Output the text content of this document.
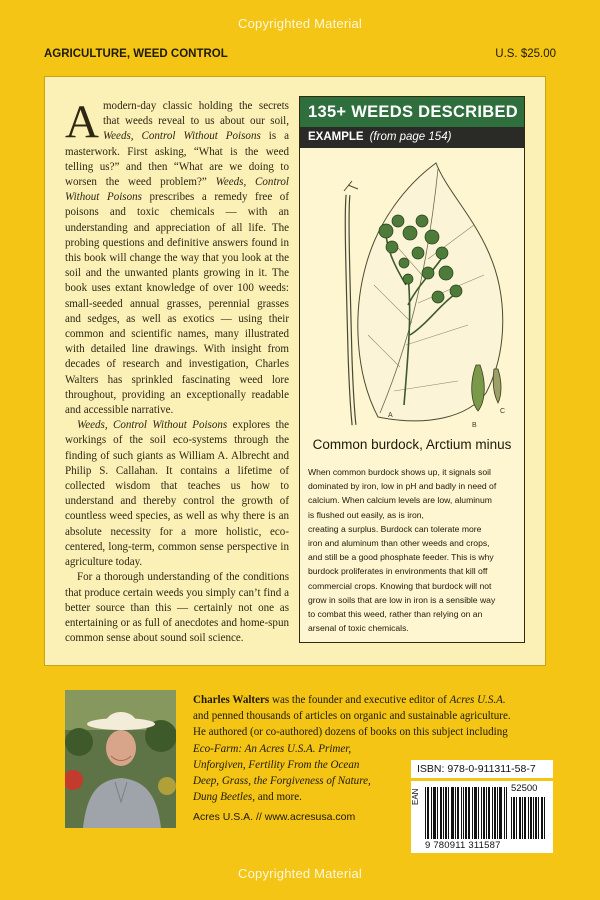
Copyrighted Material
AGRICULTURE, WEED CONTROL	U.S. $25.00

Amodern-day classic holding the secrets that weeds reveal to us about our soil, Weeds, Control Without Poisons is a masterwork. First asking, “What is the weed telling us?” and then “What are we doing to worsen the weed problem?” Weeds, Control Without Poisons prescribes a remedy free of poisons and toxic chemicals — with an understanding and appreciation of all life. The probing questions and definitive answers found in this book will change the way that you look at the soil and the unwanted plants growing in it. The book uses extant knowledge of over 100 weeds: small-seeded annual grasses, perennial grasses and sedges, as well as exotics — using their common and scientific names, many illustrated with detailed line drawings. With insight from decades of research and investigation, Charles Walters has sprinkled fascinating weed lore throughout, providing an exceptionally readable and accessible narrative.

Weeds, Control Without Poisons explores the workings of the soil eco-systems through the finding of such giants as William A. Albrecht and Philip S. Callahan. It contains a lifetime of collected wisdom that teaches us how to understand and thereby control the growth of countless weed species, as well as why there is an absolute necessity for a more holistic, eco-centered, long-term, common sense perspective in agriculture today.

For a thorough understanding of the conditions that produce certain weeds you simply can’t find a better source than this — certainly not one as entertaining or as full of anecdotes and home-spun common sense about sound soil science.

135+ WEEDS DESCRIBED
EXAMPLE (from page 154)
A
B
C
Common burdock, Arctium minus
When common burdock shows up, it signals soil
dominated by iron, low in pH and badly in need of
calcium. When calcium levels are low, aluminum
is flushed out easily, as is iron,
creating a surplus. Burdock can tolerate more
iron and aluminum than other weeds and crops,
and still be a good phosphate feeder. This is why
burdock proliferates in environments that kill off
commercial crops. Knowing that burdock will not
grow in soils that are low in iron is a sensible way
to combat this weed, rather than relying on an
arsenal of toxic chemicals.
Charles Walters was the founder and executive editor of Acres U.S.A.
and penned thousands of articles on organic and sustainable agriculture.
He authored (or co-authored) dozens of books on this subject including
Eco-Farm: An Acres U.S.A. Primer,
Unforgiven, Fertility From the Ocean
Deep, Grass, the Forgiveness of Nature,
Dung Beetles, and more.
Acres U.S.A. // www.acresusa.com
ISBN: 978-0-911311-58-7
EAN
52500
9 780911 311587
Copyrighted Material
